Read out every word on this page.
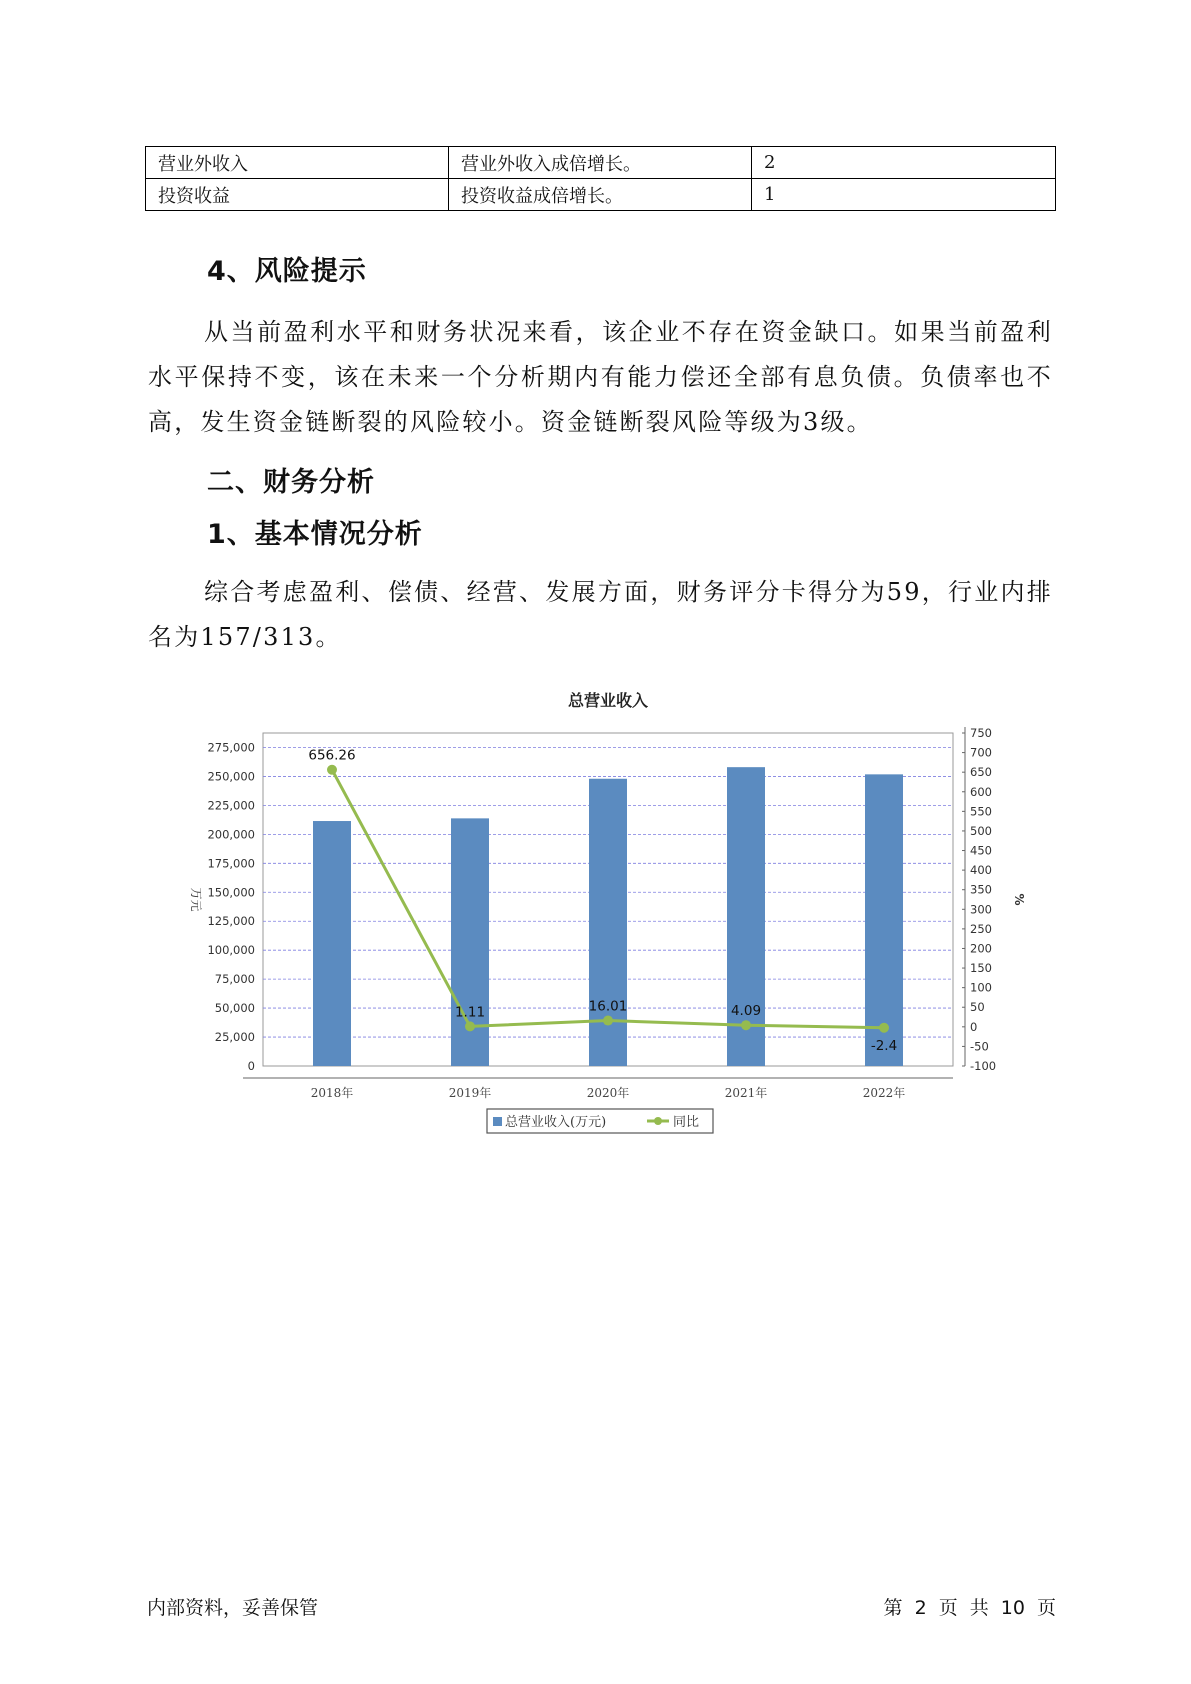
营业外收入	营业外收入成倍增长。	2
投资收益	投资收益成倍增长。	1
4、风险提示
从当前盈利水平和财务状况来看，该企业不存在资金缺口。如果当前盈利水平保持不变，该在未来一个分析期内有能力偿还全部有息负债。负债率也不高，发生资金链断裂的风险较小。资金链断裂风险等级为3级。
二、财务分析
1、基本情况分析
综合考虑盈利、偿债、经营、发展方面，财务评分卡得分为59，行业内排名为157/313。
总营业收入
0
25,000
50,000
75,000
100,000
125,000
150,000
175,000
200,000
225,000
250,000
275,000
-100
-50
0
50
100
150
200
250
300
350
400
450
500
550
600
650
700
750
万元	%
2018年	2019年	2020年	2021年	2022年
656.26
1.11	16.01	4.09
-2.4
总营业收入(万元)	同比
内部资料，妥善保管	第 2 页 共 10 页
